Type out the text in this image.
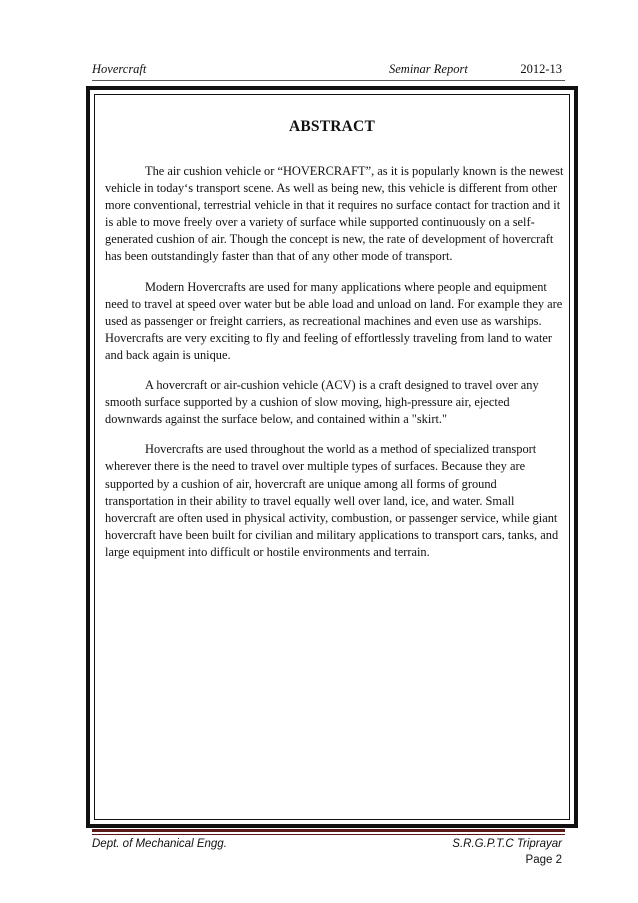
Hovercraft	Seminar Report	2012-13
ABSTRACT

The air cushion vehicle or “HOVERCRAFT”, as it is popularly known is the newest vehicle in today‘s transport scene. As well as being new, this vehicle is different from other more conventional, terrestrial vehicle in that it requires no surface contact for traction and it is able to move freely over a variety of surface while supported continuously on a self-generated cushion of air. Though the concept is new, the rate of development of hovercraft has been outstandingly faster than that of any other mode of transport.

Modern Hovercrafts are used for many applications where people and equipment need to travel at speed over water but be able load and unload on land. For example they are used as passenger or freight carriers, as recreational machines and even use as warships. Hovercrafts are very exciting to fly and feeling of effortlessly traveling from land to water and back again is unique.

A hovercraft or air-cushion vehicle (ACV) is a craft designed to travel over any smooth surface supported by a cushion of slow moving, high-pressure air, ejected downwards against the surface below, and contained within a "skirt."

Hovercrafts are used throughout the world as a method of specialized transport wherever there is the need to travel over multiple types of surfaces. Because they are supported by a cushion of air, hovercraft are unique among all forms of ground transportation in their ability to travel equally well over land, ice, and water. Small hovercraft are often used in physical activity, combustion, or passenger service, while giant hovercraft have been built for civilian and military applications to transport cars, tanks, and large equipment into difficult or hostile environments and terrain.

Dept. of Mechanical Engg.	S.R.G.P.T.C Triprayar
Page 2
